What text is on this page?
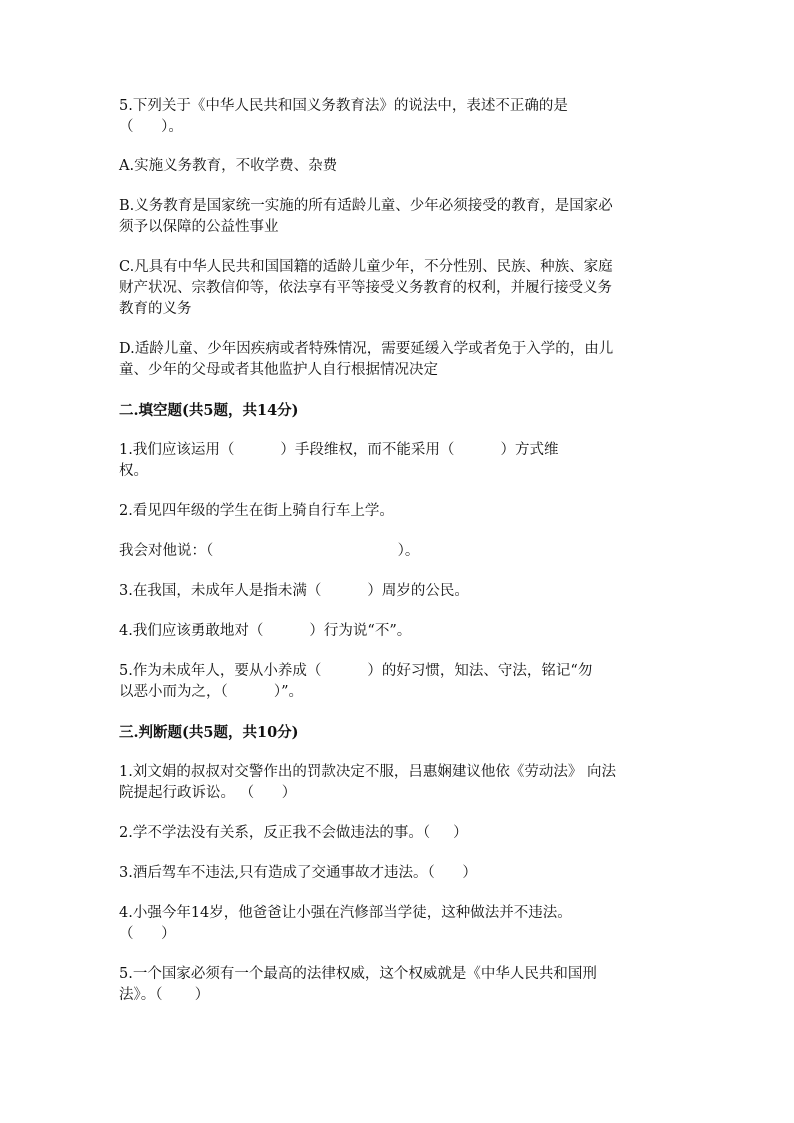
5.下列关于《中华人民共和国义务教育法》的说法中，表述不正确的是

（      ）。

A.实施义务教育，不收学费、杂费

B.义务教育是国家统一实施的所有适龄儿童、少年必须接受的教育，是国家必

须予以保障的公益性事业

C.凡具有中华人民共和国国籍的适龄儿童少年，不分性别、民族、种族、家庭

财产状况、宗教信仰等，依法享有平等接受义务教育的权利，并履行接受义务

教育的义务

D.适龄儿童、少年因疾病或者特殊情况，需要延缓入学或者免于入学的，由儿

童、少年的父母或者其他监护人自行根据情况决定

二.填空题(共5题，共14分)

1.我们应该运用（          ）手段维权，而不能采用（          ）方式维

权。

2.看见四年级的学生在街上骑自行车上学。

我会对他说：（                                        ）。

3.在我国，未成年人是指未满（          ）周岁的公民。

4.我们应该勇敢地对（          ）行为说“不”。

5.作为未成年人，要从小养成（          ）的好习惯，知法、守法，铭记“勿

以恶小而为之，（          ）”。

三.判断题(共5题，共10分)

1.刘文娟的叔叔对交警作出的罚款决定不服，吕惠娴建议他依《劳动法》 向法

院提起行政诉讼。 （      ）

2.学不学法没有关系，反正我不会做违法的事。（     ）

3.酒后驾车不违法,只有造成了交通事故才违法。（      ）

4.小强今年14岁，他爸爸让小强在汽修部当学徒，这种做法并不违法。

（      ）

5.一个国家必须有一个最高的法律权威，这个权威就是《中华人民共和国刑

法》。（       ）
